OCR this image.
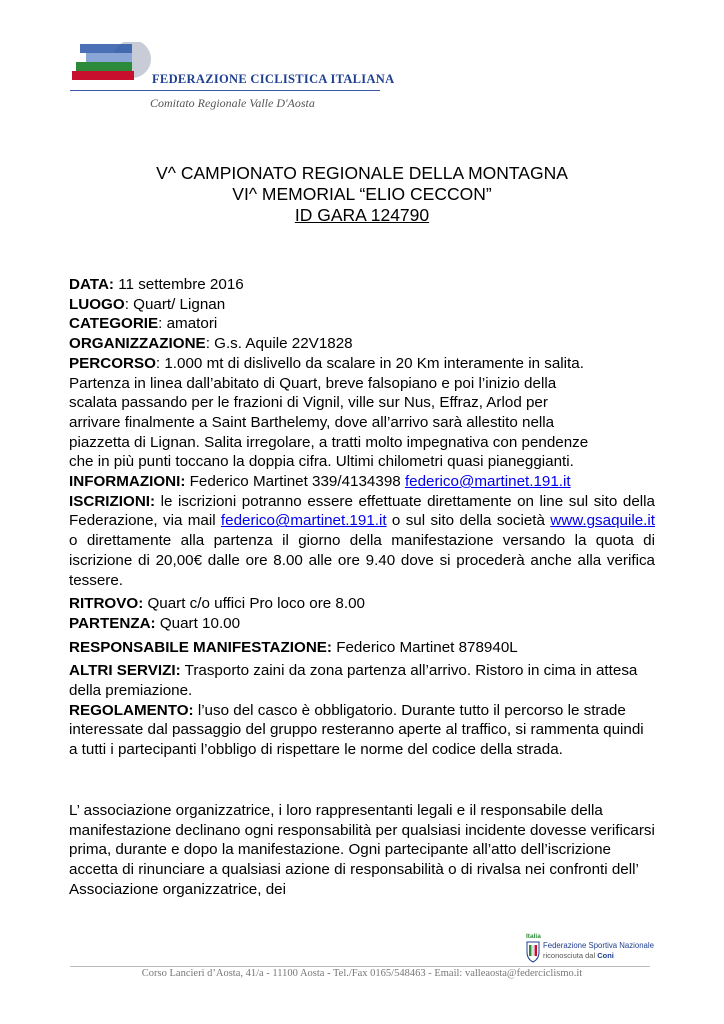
FEDERAZIONE CICLISTICA ITALIANA
Comitato Regionale Valle D'Aosta
V^ CAMPIONATO REGIONALE DELLA MONTAGNA
VI^ MEMORIAL “ELIO CECCON”
ID GARA 124790

DATA: 11 settembre 2016

LUOGO: Quart/ Lignan

CATEGORIE: amatori

ORGANIZZAZIONE: G.s. Aquile 22V1828

PERCORSO: 1.000 mt di dislivello da scalare in 20 Km interamente in salita.

Partenza in linea dall’abitato di Quart, breve falsopiano e poi l’inizio della

scalata passando per le frazioni di Vignil, ville sur Nus, Effraz, Arlod per

arrivare finalmente a Saint Barthelemy, dove all’arrivo sarà allestito nella

piazzetta di Lignan. Salita irregolare, a tratti molto impegnativa con pendenze

che in più punti toccano la doppia cifra. Ultimi chilometri quasi pianeggianti.

INFORMAZIONI: Federico Martinet 339/4134398 federico@martinet.191.it

ISCRIZIONI: le iscrizioni potranno essere effettuate direttamente on line sul sito della Federazione, via mail federico@martinet.191.it o sul sito della società www.gsaquile.it o direttamente alla partenza il giorno della manifestazione versando la quota di iscrizione di 20,00€ dalle ore 8.00 alle ore 9.40 dove si procederà anche alla verifica tessere.

RITROVO: Quart c/o uffici Pro loco ore 8.00

PARTENZA: Quart 10.00

RESPONSABILE MANIFESTAZIONE: Federico Martinet 878940L

ALTRI SERVIZI: Trasporto zaini da zona partenza all’arrivo. Ristoro in cima in attesa della premiazione.

REGOLAMENTO: l’uso del casco è obbligatorio. Durante tutto il percorso le strade interessate dal passaggio del gruppo resteranno aperte al traffico, si rammenta quindi a tutti i partecipanti l’obbligo di rispettare le norme del codice della strada.

L’ associazione organizzatrice, i loro rappresentanti legali e il responsabile della manifestazione declinano ogni responsabilità per qualsiasi incidente dovesse verificarsi prima, durante e dopo la manifestazione. Ogni partecipante all’atto dell’iscrizione accetta di rinunciare a qualsiasi azione di responsabilità o di rivalsa nei confronti dell’ Associazione organizzatrice, dei

Italia
Federazione Sportiva Nazionale
riconosciuta dal Coni
Corso Lancieri d’Aosta, 41/a - 11100 Aosta - Tel./Fax 0165/548463 - Email: valleaosta@federciclismo.it
